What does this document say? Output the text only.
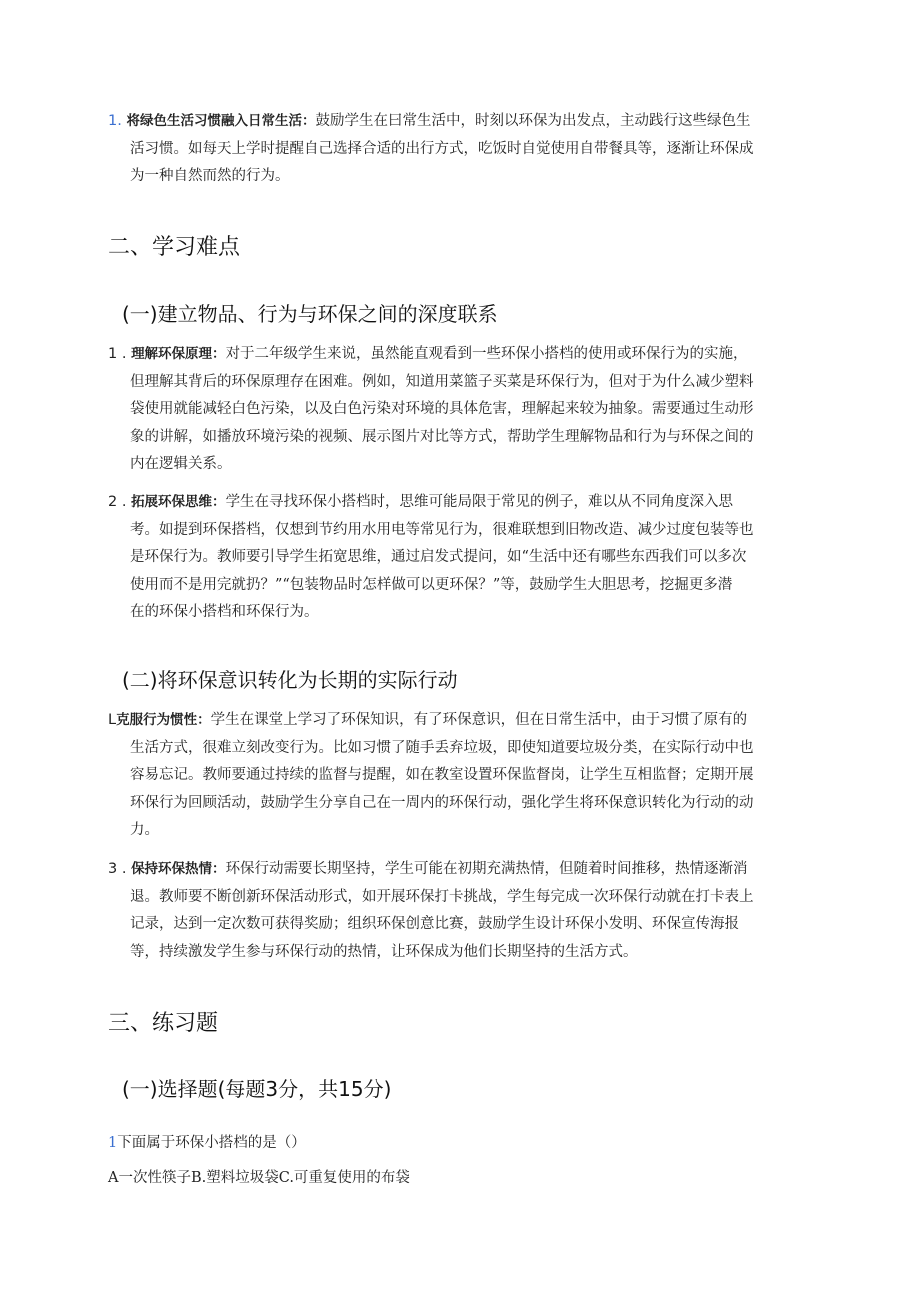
1. 将绿色生活习惯融入日常生活：鼓励学生在曰常生活中，时刻以环保为出发点，主动践行这些绿色生
活习惯。如每天上学时提醒自己选择合适的出行方式，吃饭时自觉使用自带餐具等，逐渐让环保成
为一种自然而然的行为。
二、学习难点
(一)建立物品、行为与环保之间的深度联系
1 . 理解环保原理：对于二年级学生来说，虽然能直观看到一些环保小搭档的使用或环保行为的实施，
但理解其背后的环保原理存在困难。例如，知道用菜篮子买菜是环保行为，但对于为什么减少塑料
袋使用就能减轻白色污染，以及白色污染对环境的具体危害，理解起来较为抽象。需要通过生动形
象的讲解，如播放环境污染的视频、展示图片对比等方式，帮助学生理解物品和行为与环保之间的
内在逻辑关系。
2 . 拓展环保思维：学生在寻找环保小搭档时，思维可能局限于常见的例子，难以从不同角度深入思
考。如提到环保搭档，仅想到节约用水用电等常见行为，很难联想到旧物改造、减少过度包装等也
是环保行为。教师要引导学生拓宽思维，通过启发式提问，如“生活中还有哪些东西我们可以多次
使用而不是用完就扔？”“包装物品时怎样做可以更环保？”等，鼓励学生大胆思考，挖掘更多潜
在的环保小搭档和环保行为。
(二)将环保意识转化为长期的实际行动
L克服行为惯性：学生在课堂上学习了环保知识，有了环保意识，但在日常生活中，由于习惯了原有的
生活方式，很难立刻改变行为。比如习惯了随手丢弃垃圾，即使知道要垃圾分类，在实际行动中也
容易忘记。教师要通过持续的监督与提醒，如在教室设置环保监督岗，让学生互相监督；定期开展
环保行为回顾活动，鼓励学生分享自己在一周内的环保行动，强化学生将环保意识转化为行动的动
力。
3 . 保持环保热情：环保行动需要长期坚持，学生可能在初期充满热情，但随着时间推移，热情逐渐消
退。教师要不断创新环保活动形式，如开展环保打卡挑战，学生每完成一次环保行动就在打卡表上
记录，达到一定次数可获得奖励；组织环保创意比赛，鼓励学生设计环保小发明、环保宣传海报
等，持续激发学生参与环保行动的热情，让环保成为他们长期坚持的生活方式。
三、练习题
(一)选择题(每题3分，共15分)
1下面属于环保小搭档的是（）
A一次性筷子B.塑料垃圾袋C.可重复使用的布袋
